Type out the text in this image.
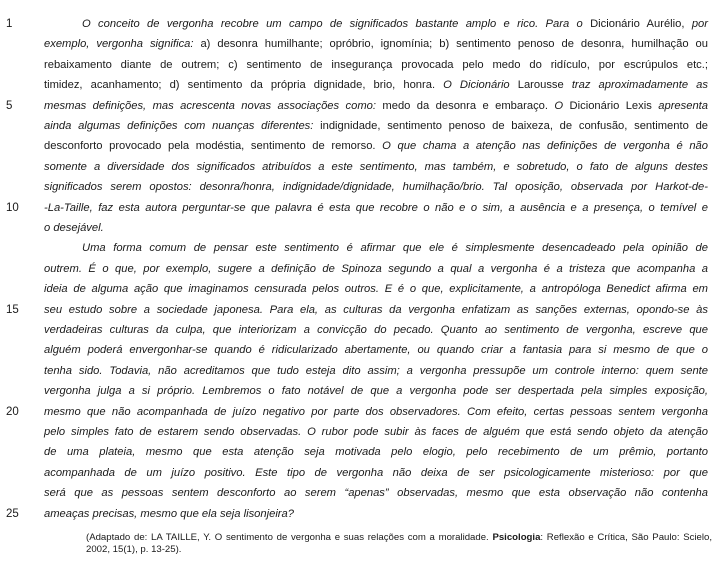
1
5
10
15
20
25
O conceito de vergonha recobre um campo de significados bastante amplo e rico. Para o Dicionário Aurélio, por
exemplo, vergonha significa: a) desonra humilhante; opróbrio, ignomínia; b) sentimento penoso de desonra, humilhação ou
rebaixamento diante de outrem; c) sentimento de insegurança provocada pelo medo do ridículo, por escrúpulos etc.;
timidez, acanhamento; d) sentimento da própria dignidade, brio, honra. O Dicionário Larousse traz aproximadamente as
mesmas definições, mas acrescenta novas associações como: medo da desonra e embaraço. O Dicionário Lexis apresenta
ainda algumas definições com nuanças diferentes: indignidade, sentimento penoso de baixeza, de confusão, sentimento de
desconforto provocado pela modéstia, sentimento de remorso. O que chama a atenção nas definições de vergonha é não
somente a diversidade dos significados atribuídos a este sentimento, mas também, e sobretudo, o fato de alguns destes
significados serem opostos: desonra/honra, indignidade/dignidade, humilhação/brio. Tal oposição, observada por Harkot-de-
-La-Taille, faz esta autora perguntar-se que palavra é esta que recobre o não e o sim, a ausência e a presença, o temível e
o desejável.
Uma forma comum de pensar este sentimento é afirmar que ele é simplesmente desencadeado pela opinião de
outrem. É o que, por exemplo, sugere a definição de Spinoza segundo a qual a vergonha é a tristeza que acompanha a
ideia de alguma ação que imaginamos censurada pelos outros. E é o que, explicitamente, a antropóloga Benedict afirma em
seu estudo sobre a sociedade japonesa. Para ela, as culturas da vergonha enfatizam as sanções externas, opondo-se às
verdadeiras culturas da culpa, que interiorizam a convicção do pecado. Quanto ao sentimento de vergonha, escreve que
alguém poderá envergonhar-se quando é ridicularizado abertamente, ou quando criar a fantasia para si mesmo de que o
tenha sido. Todavia, não acreditamos que tudo esteja dito assim; a vergonha pressupõe um controle interno: quem sente
vergonha julga a si próprio. Lembremos o fato notável de que a vergonha pode ser despertada pela simples exposição,
mesmo que não acompanhada de juízo negativo por parte dos observadores. Com efeito, certas pessoas sentem vergonha
pelo simples fato de estarem sendo observadas. O rubor pode subir às faces de alguém que está sendo objeto da atenção
de uma plateia, mesmo que esta atenção seja motivada pelo elogio, pelo recebimento de um prêmio, portanto
acompanhada de um juízo positivo. Este tipo de vergonha não deixa de ser psicologicamente misterioso: por que
será que as pessoas sentem desconforto ao serem “apenas” observadas, mesmo que esta observação não contenha
ameaças precisas, mesmo que ela seja lisonjeira?
(Adaptado de: LA TAILLE, Y. O sentimento de vergonha e suas relações com a moralidade. Psicologia: Reflexão e Crítica, São Paulo: Scielo, 2002, 15(1), p. 13-25).
